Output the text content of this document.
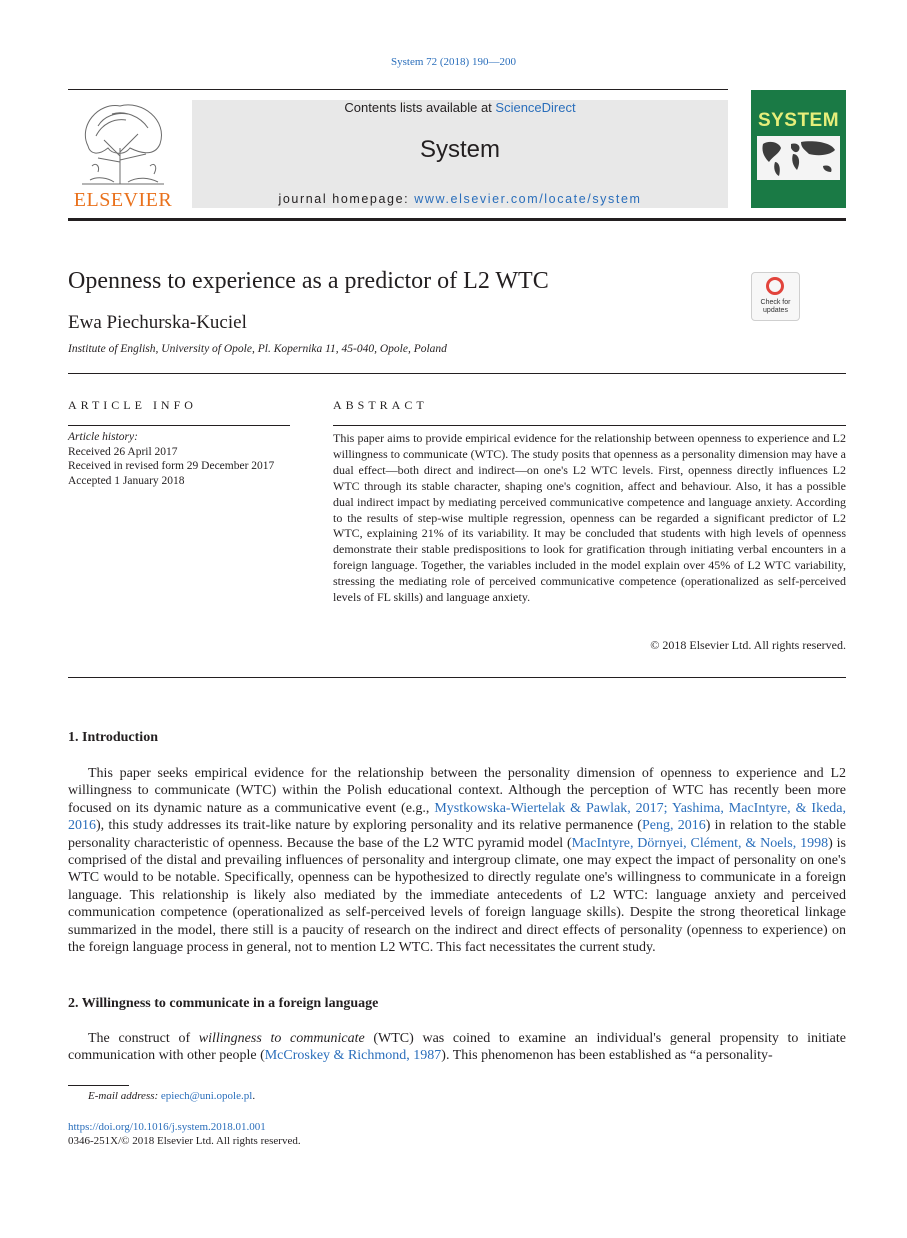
System 72 (2018) 190—200
ELSEVIER
Contents lists available at ScienceDirect
System
journal homepage: www.elsevier.com/locate/system
SYSTEM
Openness to experience as a predictor of L2 WTC
Check for updates
Ewa Piechurska-Kuciel
Institute of English, University of Opole, Pl. Kopernika 11, 45-040, Opole, Poland
ARTICLE INFO	ABSTRACT
Article history:
Received 26 April 2017
Received in revised form 29 December 2017
Accepted 1 January 2018
This paper aims to provide empirical evidence for the relationship between openness to experience and L2 willingness to communicate (WTC). The study posits that openness as a personality dimension may have a dual effect—both direct and indirect—on one's L2 WTC levels. First, openness directly influences L2 WTC through its stable character, shaping one's cognition, affect and behaviour. Also, it has a possible dual indirect impact by mediating perceived communicative competence and language anxiety. According to the results of step-wise multiple regression, openness can be regarded a significant predictor of L2 WTC, explaining 21% of its variability. It may be concluded that students with high levels of openness demonstrate their stable predispositions to look for gratification through initiating verbal encounters in a foreign language. Together, the variables included in the model explain over 45% of L2 WTC variability, stressing the mediating role of perceived communicative competence (operationalized as self-perceived levels of FL skills) and language anxiety.
© 2018 Elsevier Ltd. All rights reserved.
1. Introduction
This paper seeks empirical evidence for the relationship between the personality dimension of openness to experience and L2 willingness to communicate (WTC) within the Polish educational context. Although the perception of WTC has recently been more focused on its dynamic nature as a communicative event (e.g., Mystkowska-Wiertelak & Pawlak, 2017; Yashima, MacIntyre, & Ikeda, 2016), this study addresses its trait-like nature by exploring personality and its relative permanence (Peng, 2016) in relation to the stable personality characteristic of openness. Because the base of the L2 WTC pyramid model (MacIntyre, Dörnyei, Clément, & Noels, 1998) is comprised of the distal and prevailing influences of personality and intergroup climate, one may expect the impact of personality on one's WTC would to be notable. Specifically, openness can be hypothesized to directly regulate one's willingness to communicate in a foreign language. This relationship is likely also mediated by the immediate antecedents of L2 WTC: language anxiety and perceived communication competence (operationalized as self-perceived levels of foreign language skills). Despite the strong theoretical linkage summarized in the model, there still is a paucity of research on the indirect and direct effects of personality (openness to experience) on the foreign language process in general, not to mention L2 WTC. This fact necessitates the current study.
2. Willingness to communicate in a foreign language
The construct of willingness to communicate (WTC) was coined to examine an individual's general propensity to initiate communication with other people (McCroskey & Richmond, 1987). This phenomenon has been established as “a personality-
E-mail address: epiech@uni.opole.pl.
https://doi.org/10.1016/j.system.2018.01.001
0346-251X/© 2018 Elsevier Ltd. All rights reserved.
